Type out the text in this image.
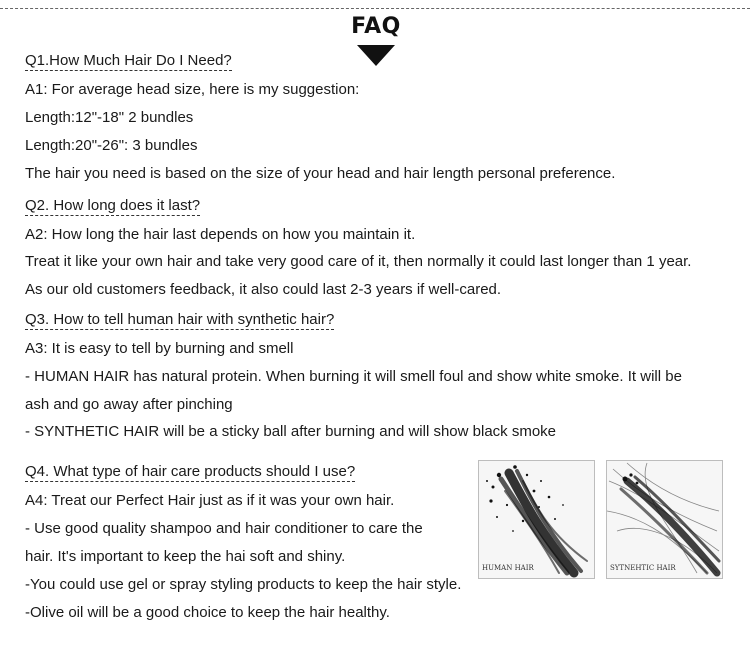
FAQ
Q1.How Much Hair Do I Need?
A1: For average head size, here is my suggestion:
Length:12"-18" 2 bundles
Length:20"-26": 3 bundles
The hair you need is based on the size of your head and hair length personal preference.
Q2. How long does it last?
A2: How long the hair last depends on how you maintain it.
Treat it like your own hair and take very good care of it, then normally it could last longer than 1 year.
As our old customers feedback, it also could last 2-3 years if well-cared.
Q3. How to tell human hair with synthetic hair?
A3: It is easy to tell by burning and smell
- HUMAN HAIR has natural protein. When burning it will smell foul and show white smoke. It will be
ash and go away after pinching
- SYNTHETIC HAIR will be a sticky ball after burning and will show black smoke
Q4. What type of hair care products should I use?
A4: Treat our Perfect Hair just as if it was your own hair.
- Use good quality shampoo and hair conditioner to care the
hair. It's important to keep the hai soft and shiny.
-You could use gel or spray styling products to keep the hair style.
-Olive oil will be a good choice to keep the hair healthy.
HUMAN HAIR	SYTNEHTIC HAIR
